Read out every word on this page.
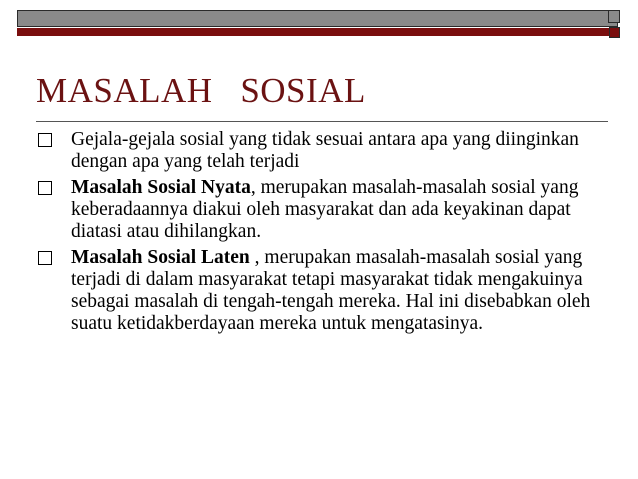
MASALAH   SOSIAL
Gejala-gejala sosial yang tidak sesuai antara apa yang diinginkan dengan apa yang telah terjadi
Masalah Sosial Nyata, merupakan masalah-masalah sosial yang keberadaannya diakui oleh masyarakat dan ada keyakinan dapat diatasi atau dihilangkan.
Masalah Sosial Laten , merupakan masalah-masalah sosial yang terjadi di dalam masyarakat tetapi masyarakat tidak mengakuinya sebagai masalah di tengah-tengah mereka. Hal ini disebabkan oleh suatu ketidakberdayaan mereka untuk mengatasinya.
